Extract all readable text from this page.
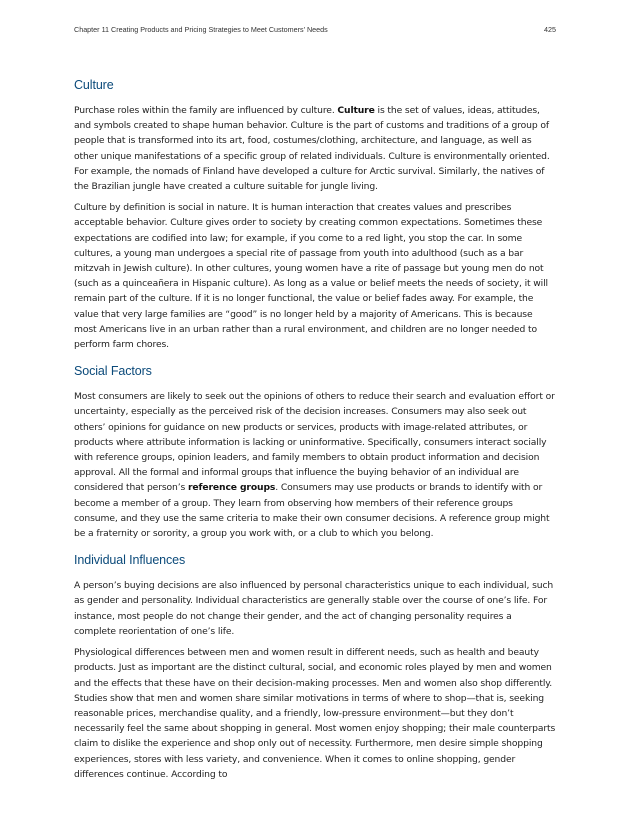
Chapter 11 Creating Products and Pricing Strategies to Meet Customers' Needs	425
Culture

Purchase roles within the family are influenced by culture. Culture is the set of values, ideas, attitudes, and symbols created to shape human behavior. Culture is the part of customs and traditions of a group of people that is transformed into its art, food, costumes/clothing, architecture, and language, as well as other unique manifestations of a specific group of related individuals. Culture is environmentally oriented. For example, the nomads of Finland have developed a culture for Arctic survival. Similarly, the natives of the Brazilian jungle have created a culture suitable for jungle living.

Culture by definition is social in nature. It is human interaction that creates values and prescribes acceptable behavior. Culture gives order to society by creating common expectations. Sometimes these expectations are codified into law; for example, if you come to a red light, you stop the car. In some cultures, a young man undergoes a special rite of passage from youth into adulthood (such as a bar mitzvah in Jewish culture). In other cultures, young women have a rite of passage but young men do not (such as a quinceañera in Hispanic culture). As long as a value or belief meets the needs of society, it will remain part of the culture. If it is no longer functional, the value or belief fades away. For example, the value that very large families are “good” is no longer held by a majority of Americans. This is because most Americans live in an urban rather than a rural environment, and children are no longer needed to perform farm chores.

Social Factors

Most consumers are likely to seek out the opinions of others to reduce their search and evaluation effort or uncertainty, especially as the perceived risk of the decision increases. Consumers may also seek out others’ opinions for guidance on new products or services, products with image-related attributes, or products where attribute information is lacking or uninformative. Specifically, consumers interact socially with reference groups, opinion leaders, and family members to obtain product information and decision approval. All the formal and informal groups that influence the buying behavior of an individual are considered that person’s reference groups. Consumers may use products or brands to identify with or become a member of a group. They learn from observing how members of their reference groups consume, and they use the same criteria to make their own consumer decisions. A reference group might be a fraternity or sorority, a group you work with, or a club to which you belong.

Individual Influences

A person’s buying decisions are also influenced by personal characteristics unique to each individual, such as gender and personality. Individual characteristics are generally stable over the course of one’s life. For instance, most people do not change their gender, and the act of changing personality requires a complete reorientation of one’s life.

Physiological differences between men and women result in different needs, such as health and beauty products. Just as important are the distinct cultural, social, and economic roles played by men and women and the effects that these have on their decision-making processes. Men and women also shop differently. Studies show that men and women share similar motivations in terms of where to shop—that is, seeking reasonable prices, merchandise quality, and a friendly, low-pressure environment—but they don’t necessarily feel the same about shopping in general. Most women enjoy shopping; their male counterparts claim to dislike the experience and shop only out of necessity. Furthermore, men desire simple shopping experiences, stores with less variety, and convenience. When it comes to online shopping, gender differences continue. According to
